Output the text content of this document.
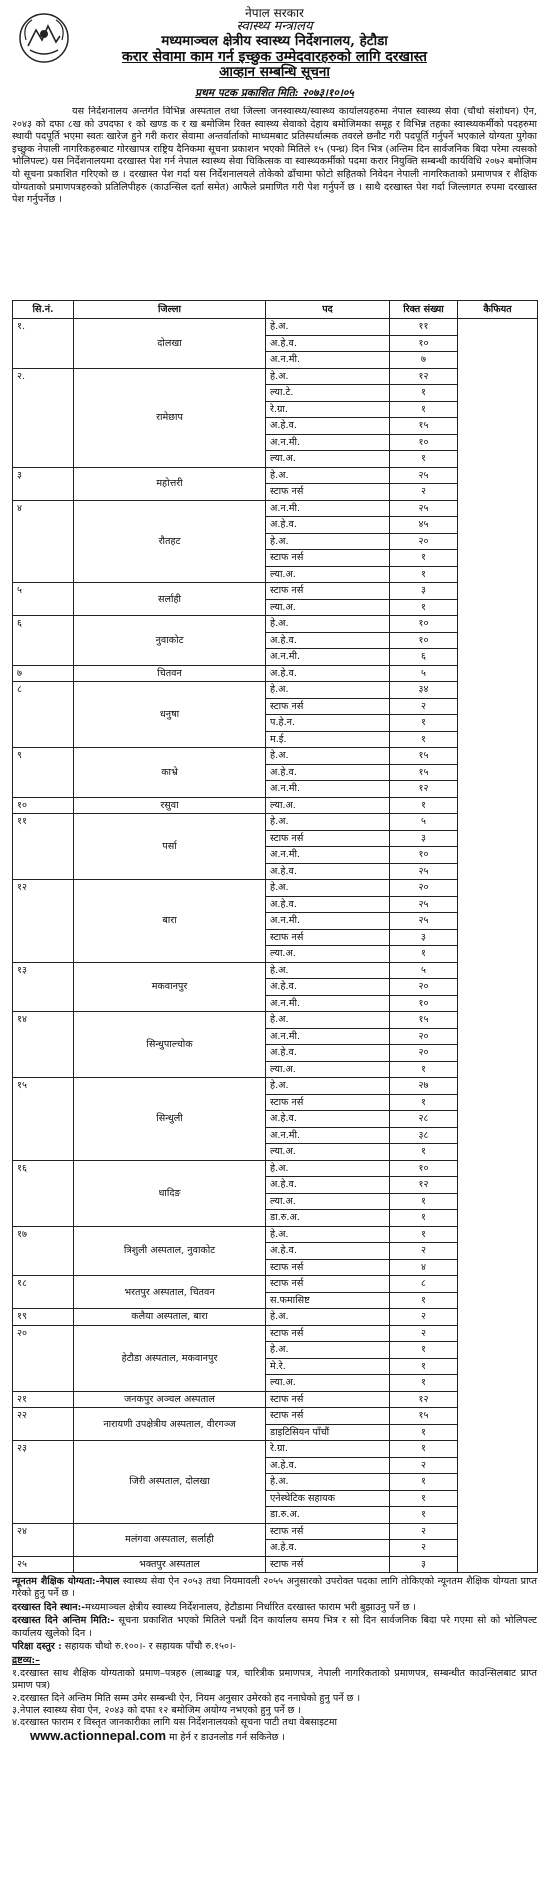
नेपाल सरकार
स्वास्थ्य मन्त्रालय
मध्यमाञ्चल क्षेत्रीय स्वास्थ्य निर्देशनालय, हेटौडा
करार सेवामा काम गर्न इच्छुक उम्मेदवारहरुको लागि दरखास्त
आव्हान सम्बन्धि सूचना
प्रथम पटक प्रकाशित मिति: २०७३।१०।०५
यस निर्देशनालय अन्तर्गत विभिन्न अस्पताल तथा जिल्ला जनस्वास्थ्य/स्वास्थ्य कार्यालयहरुमा नेपाल स्वास्थ्य सेवा (चौथो संशोधन) ऐन, २०४३ को दफा ८ख को उपदफा १ को खण्ड क र ख बमोजिम रिक्त स्वास्थ्य सेवाको देहाय बमोजिमका समूह र विभिन्न तहका स्वास्थ्यकर्मीको पदहरुमा स्थायी पदपूर्ति भएमा स्वतः खारेज हुने गरी करार सेवामा अन्तर्वार्ताको माध्यमबाट प्रतिस्पर्धात्मक तवरले छनौट गरी पदपूर्ति गर्नुपर्ने भएकाले योग्यता पुगेका इच्छुक नेपाली नागरिकहरुबाट गोरखापत्र राष्ट्रिय दैनिकमा सूचना प्रकाशन भएको मितिले १५ (पन्ध्र) दिन भित्र (अन्तिम दिन सार्वजनिक बिदा परेमा त्यसको भोलिपल्ट) यस निर्देशनालयमा दरखास्त पेश गर्न नेपाल स्वास्थ्य सेवा चिकित्सक वा स्वास्थ्यकर्मीको पदमा करार नियुक्ति सम्बन्धी कार्यविधि २०७२ बमोजिम यो सूचना प्रकाशित गरिएको छ । दरखास्त पेश गर्दा यस निर्देशनालयले तोकेको ढाँचामा फोटो सहितको निवेदन नेपाली नागरिकताको प्रमाणपत्र र शैक्षिक योग्यताको प्रमाणपत्रहरुको प्रतिलिपीहरु (काउन्सिल दर्ता समेत) आफैले प्रमाणित गरी पेश गर्नुपर्ने छ । साथै दरखास्त पेश गर्दा जिल्लागत रुपमा दरखास्त पेश गर्नुपर्नेछ ।
सि.नं.	जिल्ला	पद	रिक्त संख्या	कैफियत
१.	दोलखा	हे.अ.	११	
		अ.हे.व.	१०	
		अ.न.मी.	७	
२.	रामेछाप	हे.अ.	१२	
		ल्या.टे.	१	
		रे.ग्रा.	१	
		अ.हे.व.	१५	
		अ.न.मी.	१०	
		ल्या.अ.	१	
३	महोत्तरी	हे.अ.	२५	
		स्टाफ नर्स	२	
४	रौतहट	अ.न.मी.	२५	
		अ.हे.व.	४५	
		हे.अ.	२०	
		स्टाफ नर्स	१	
		ल्या.अ.	१	
५	सर्लाही	स्टाफ नर्स	३	
		ल्या.अ.	१	
६	नुवाकोट	हे.अ.	१०	
		अ.हे.व.	१०	
		अ.न.मी.	६	
७	चितवन	अ.हे.व.	५	
८	धनुषा	हे.अ.	३४	
		स्टाफ नर्स	२	
		प.हे.न.	१	
		म.ई.	१	
९	काभ्रे	हे.अ.	१५	
		अ.हे.व.	१५	
		अ.न.मी.	१२	
१०	रसुवा	ल्या.अ.	१	
११	पर्सा	हे.अ.	५	
		स्टाफ नर्स	३	
		अ.न.मी.	१०	
		अ.हे.व.	२५	
१२	बारा	हे.अ.	२०	
		अ.हे.व.	२५	
		अ.न.मी.	२५	
		स्टाफ नर्स	३	
		ल्या.अ.	१	
१३	मकवानपुर	हे.अ.	५	
		अ.हे.व.	२०	
		अ.न.मी.	१०	
१४	सिन्धुपाल्चोक	हे.अ.	१५	
		अ.न.मी.	२०	
		अ.हे.व.	२०	
		ल्या.अ.	१	
१५	सिन्धुली	हे.अ.	२७	
		स्टाफ नर्स	१	
		अ.हे.व.	२८	
		अ.न.मी.	३८	
		ल्या.अ.	१	
१६	धादिङ	हे.अ.	१०	
		अ.हे.व.	१२	
		ल्या.अ.	१	
		डा.रु.अ.	१	
१७	त्रिशुली अस्पताल, नुवाकोट	हे.अ.	१	
		अ.हे.व.	२	
		स्टाफ नर्स	४	
१८	भरतपुर अस्पताल, चितवन	स्टाफ नर्स	८	
		स.फमासिष्ट	१	
१९	कलैया अस्पताल, बारा	हे.अ.	२	
२०	हेटौडा अस्पताल, मकवानपुर	स्टाफ नर्स	२	
		हे.अ.	१	
		मे.रे.	१	
		ल्या.अ.	१	
२१	जनकपुर अञ्चल अस्पताल	स्टाफ नर्स	१२	
२२	नारायणी उपक्षेत्रीय अस्पताल, वीरगञ्ज	स्टाफ नर्स	१५	
		डाइटिसियन पाँचौं	१	
२३	जिरी अस्पताल, दोलखा	रे.ग्रा.	१	
		अ.हे.व.	२	
		हे.अ.	१	
		एनेस्थेटिक सहायक	१	
		डा.रु.अ.	१	
२४	मलंगवा अस्पताल, सर्लाही	स्टाफ नर्स	२	
		अ.हे.व.	२	
२५	भक्तपुर अस्पताल	स्टाफ नर्स	३	
न्यूनतम शैक्षिक योग्यता:-नेपाल स्वास्थ्य सेवा ऐन २०५३ तथा नियमावली २०५५ अनुसारको उपरोक्त पदका लागि तोकिएको न्यूनतम शैक्षिक योग्यता प्राप्त गरेको हुनु पर्ने छ ।
दरखास्त दिने स्थान:-मध्यमाञ्चल क्षेत्रीय स्वास्थ्य निर्देशनालय, हेटौडामा निर्धारित दरखास्त फाराम भरी बुझाउनु पर्ने छ ।
दरखास्त दिने अन्तिम मिति:- सूचना प्रकाशित भएको मितिले पन्ध्रौं दिन कार्यालय समय भित्र र सो दिन सार्वजनिक बिदा परे गएमा सो को भोलिपल्ट कार्यालय खुलेको दिन ।
परिक्षा दस्तुर : सहायक चौथो रु.१००।- र सहायक पाँचौ रु.१५०।-
द्रष्टव्य:–
१.दरखास्त साथ शैक्षिक योग्यताको प्रमाण–पत्रहरु (लाब्धाङ्क पत्र, चारित्रीक प्रमाणपत्र, नेपाली नागरिकताको प्रमाणपत्र, सम्बन्धीत काउन्सिलबाट प्राप्त प्रमाण पत्र)
२.दरखास्त दिने अन्तिम मिति सम्म उमेर सम्बन्धी ऐन, नियम अनुसार उमेरको हद ननाघेको हुनु पर्ने छ ।
३.नेपाल स्वास्थ्य सेवा ऐन, २०४३ को दफा १२ बमोजिम अयोग्य नभएको हुनु पर्ने छ ।
४.दरखास्त फाराम र विस्तृत जानकारीका लागि यस निर्देशनालयको सूचना पाटी तथा वेबसाइटमा
www.actionnepal.com मा हेर्न र डाउनलोड गर्न सकिनेछ ।
